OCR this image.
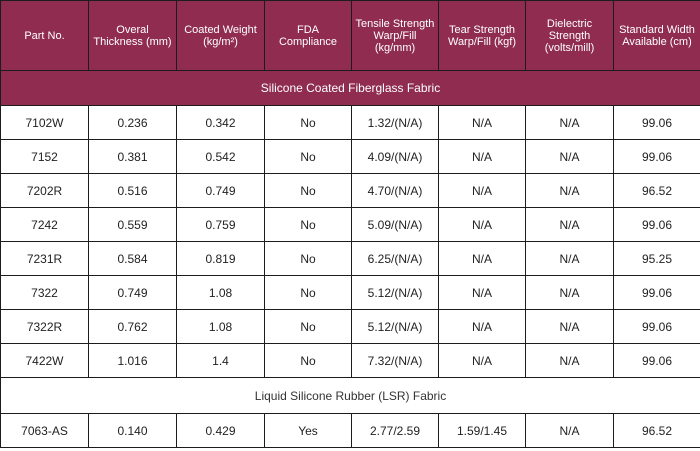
Part No.	Overal Thickness (mm)	Coated Weight (kg/m²)	FDA Compliance	Tensile Strength Warp/Fill (kg/mm)	Tear Strength Warp/Fill (kgf)	Dielectric Strength (volts/mill)	Standard Width Available (cm)
Silicone Coated Fiberglass Fabric							
7102W	0.236	0.342	No	1.32/(N/A)	N/A	N/A	99.06
7152	0.381	0.542	No	4.09/(N/A)	N/A	N/A	99.06
7202R	0.516	0.749	No	4.70/(N/A)	N/A	N/A	96.52
7242	0.559	0.759	No	5.09/(N/A)	N/A	N/A	99.06
7231R	0.584	0.819	No	6.25/(N/A)	N/A	N/A	95.25
7322	0.749	1.08	No	5.12/(N/A)	N/A	N/A	99.06
7322R	0.762	1.08	No	5.12/(N/A)	N/A	N/A	99.06
7422W	1.016	1.4	No	7.32/(N/A)	N/A	N/A	99.06
Liquid Silicone Rubber (LSR) Fabric							
7063-AS	0.140	0.429	Yes	2.77/2.59	1.59/1.45	N/A	96.52
